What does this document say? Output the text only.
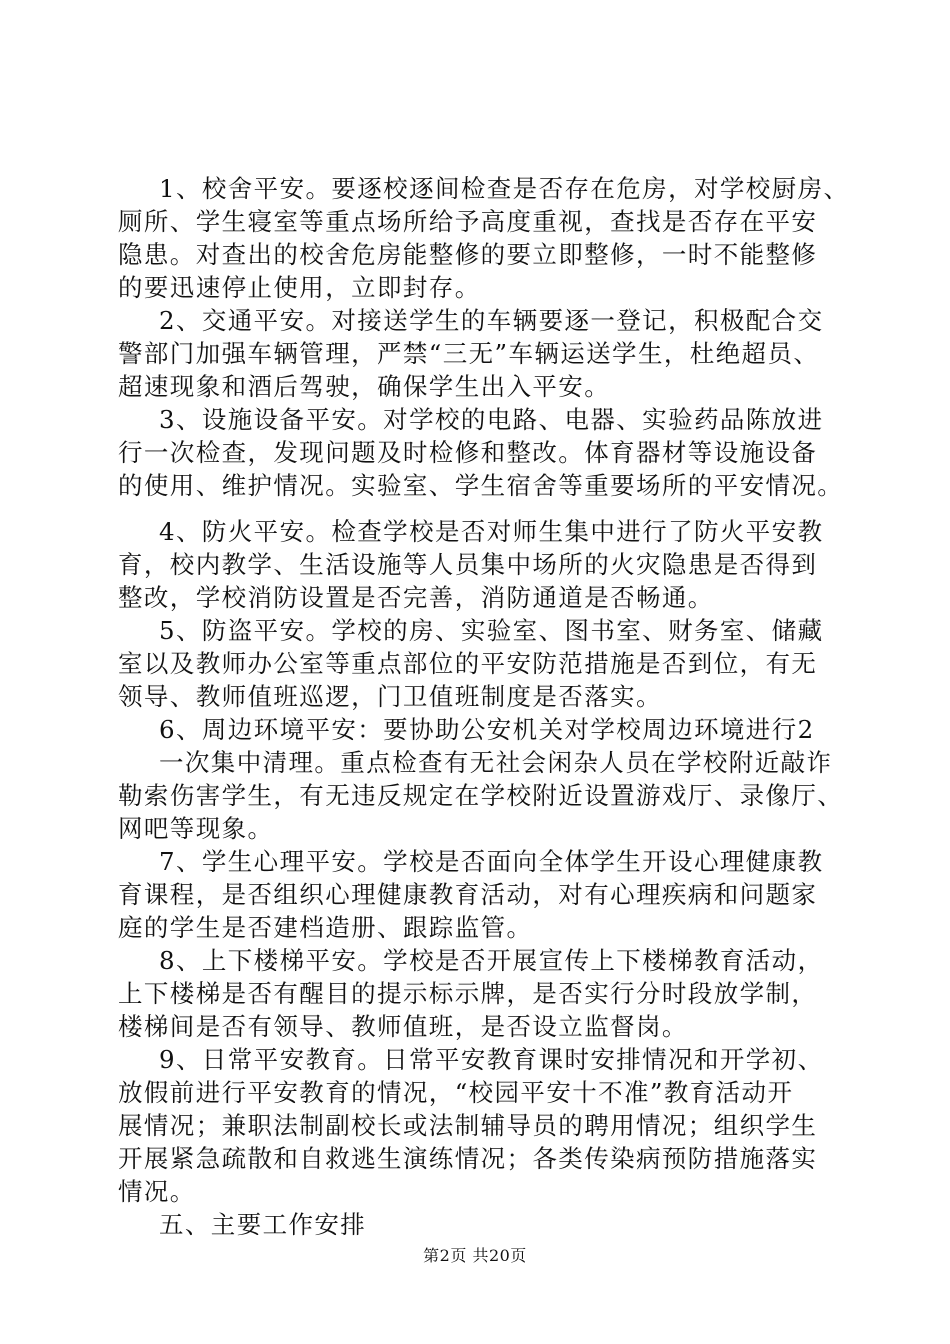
1、校舍平安。要逐校逐间检查是否存在危房，对学校厨房、
厕所、学生寝室等重点场所给予高度重视，查找是否存在平安
隐患。对查出的校舍危房能整修的要立即整修，一时不能整修
的要迅速停止使用，立即封存。
2、交通平安。对接送学生的车辆要逐一登记，积极配合交
警部门加强车辆管理，严禁“三无”车辆运送学生，杜绝超员、
超速现象和酒后驾驶，确保学生出入平安。
3、设施设备平安。对学校的电路、电器、实验药品陈放进
行一次检查，发现问题及时检修和整改。体育器材等设施设备
的使用、维护情况。实验室、学生宿舍等重要场所的平安情况。
4、防火平安。检查学校是否对师生集中进行了防火平安教
育，校内教学、生活设施等人员集中场所的火灾隐患是否得到
整改，学校消防设置是否完善，消防通道是否畅通。
5、防盗平安。学校的房、实验室、图书室、财务室、储藏
室以及教师办公室等重点部位的平安防范措施是否到位，有无
领导、教师值班巡逻，门卫值班制度是否落实。
6、周边环境平安：要协助公安机关对学校周边环境进行2
一次集中清理。重点检查有无社会闲杂人员在学校附近敲诈
勒索伤害学生，有无违反规定在学校附近设置游戏厅、录像厅、
网吧等现象。
7、学生心理平安。学校是否面向全体学生开设心理健康教
育课程，是否组织心理健康教育活动，对有心理疾病和问题家
庭的学生是否建档造册、跟踪监管。
8、上下楼梯平安。学校是否开展宣传上下楼梯教育活动，
上下楼梯是否有醒目的提示标示牌，是否实行分时段放学制，
楼梯间是否有领导、教师值班，是否设立监督岗。
9、日常平安教育。日常平安教育课时安排情况和开学初、
放假前进行平安教育的情况，“校园平安十不准”教育活动开
展情况；兼职法制副校长或法制辅导员的聘用情况；组织学生
开展紧急疏散和自救逃生演练情况；各类传染病预防措施落实
情况。
五、主要工作安排
第2页 共20页
